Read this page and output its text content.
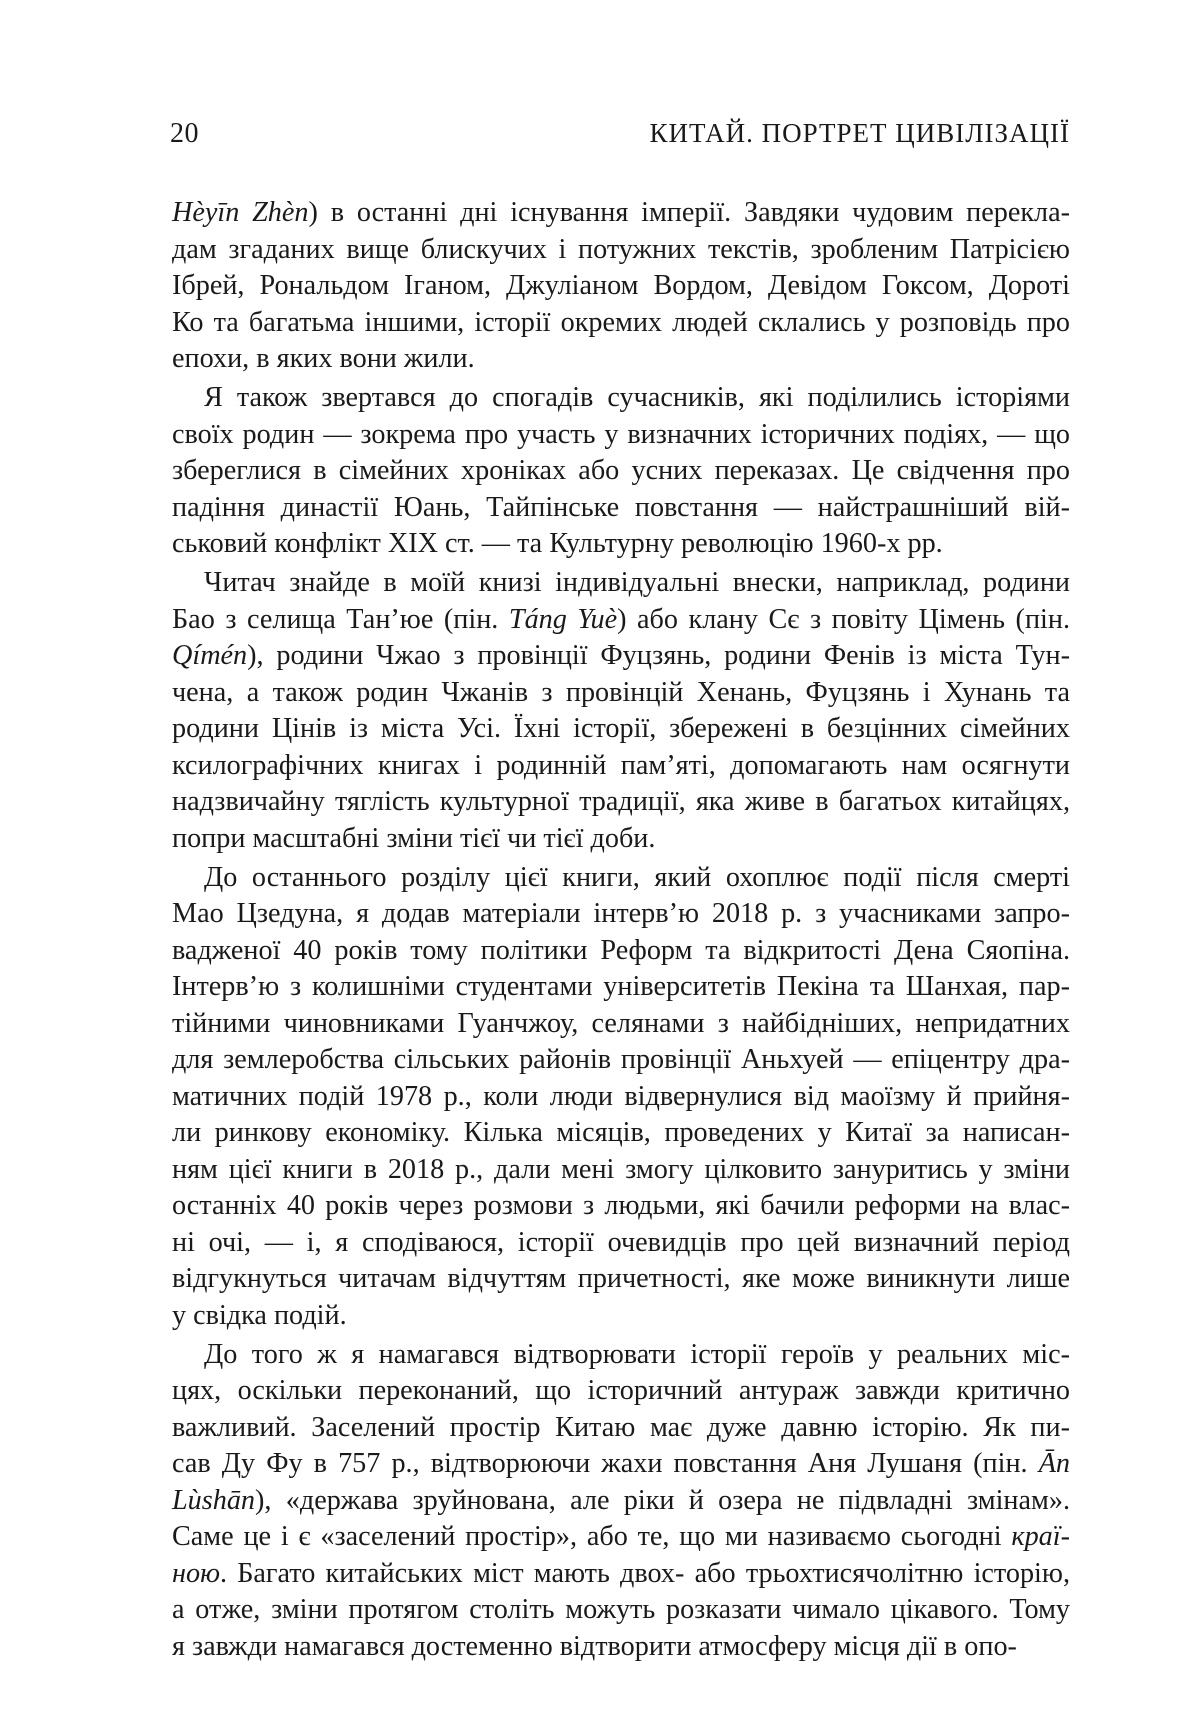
20	КИТАЙ. ПОРТРЕТ ЦИВІЛІЗАЦІЇ
Hèyīn Zhèn) в останні дні існування імперії. Завдяки чудовим перекла-
дам згаданих вище блискучих і потужних текстів, зробленим Патрісією
Ібрей, Рональдом Іганом, Джуліаном Вордом, Девідом Гоксом, Дороті
Ко та багатьма іншими, історії окремих людей склались у розповідь про
епохи, в яких вони жили.
Я також звертався до спогадів сучасників, які поділились історіями
своїх родин — зокрема про участь у визначних історичних подіях, — що
збереглися в сімейних хроніках або усних переказах. Це свідчення про
падіння династії Юань, Тайпінське повстання — найстрашніший вій-
ськовий конфлікт XIX ст. — та Культурну революцію 1960-х рр.
Читач знайде в моїй книзі індивідуальні внески, наприклад, родини
Бао з селища Тан’юе (пін. Táng Yuè) або клану Сє з повіту Цімень (пін.
Qímén), родини Чжао з провінції Фуцзянь, родини Фенів із міста Тун-
чена, а також родин Чжанів з провінцій Хенань, Фуцзянь і Хунань та
родини Цінів із міста Усі. Їхні історії, збережені в безцінних сімейних
ксилографічних книгах і родинній пам’яті, допомагають нам осягнути
надзвичайну тяглість культурної традиції, яка живе в багатьох китайцях,
попри масштабні зміни тієї чи тієї доби.
До останнього розділу цієї книги, який охоплює події після смерті
Мао Цзедуна, я додав матеріали інтерв’ю 2018 р. з учасниками запро-
вадженої 40 років тому політики Реформ та відкритості Дена Сяопіна.
Інтерв’ю з колишніми студентами університетів Пекіна та Шанхая, пар-
тійними чиновниками Гуанчжоу, селянами з найбідніших, непридатних
для землеробства сільських районів провінції Аньхуей — епіцентру дра-
матичних подій 1978 р., коли люди відвернулися від маоїзму й прийня-
ли ринкову економіку. Кілька місяців, проведених у Китаї за написан-
ням цієї книги в 2018 р., дали мені змогу цілковито зануритись у зміни
останніх 40 років через розмови з людьми, які бачили реформи на влас-
ні очі, — і, я сподіваюся, історії очевидців про цей визначний період
відгукнуться читачам відчуттям причетності, яке може виникнути лише
у свідка подій.
До того ж я намагався відтворювати історії героїв у реальних міс-
цях, оскільки переконаний, що історичний антураж завжди критично
важливий. Заселений простір Китаю має дуже давню історію. Як пи-
сав Ду Фу в 757 р., відтворюючи жахи повстання Аня Лушаня (пін. Ān
Lùshān), «держава зруйнована, але ріки й озера не підвладні змінам».
Саме це і є «заселений простір», або те, що ми називаємо сьогодні краї-
ною. Багато китайських міст мають двох- або трьохтисячолітню історію,
а отже, зміни протягом століть можуть розказати чимало цікавого. Тому
я завжди намагався достеменно відтворити атмосферу місця дії в опо-
